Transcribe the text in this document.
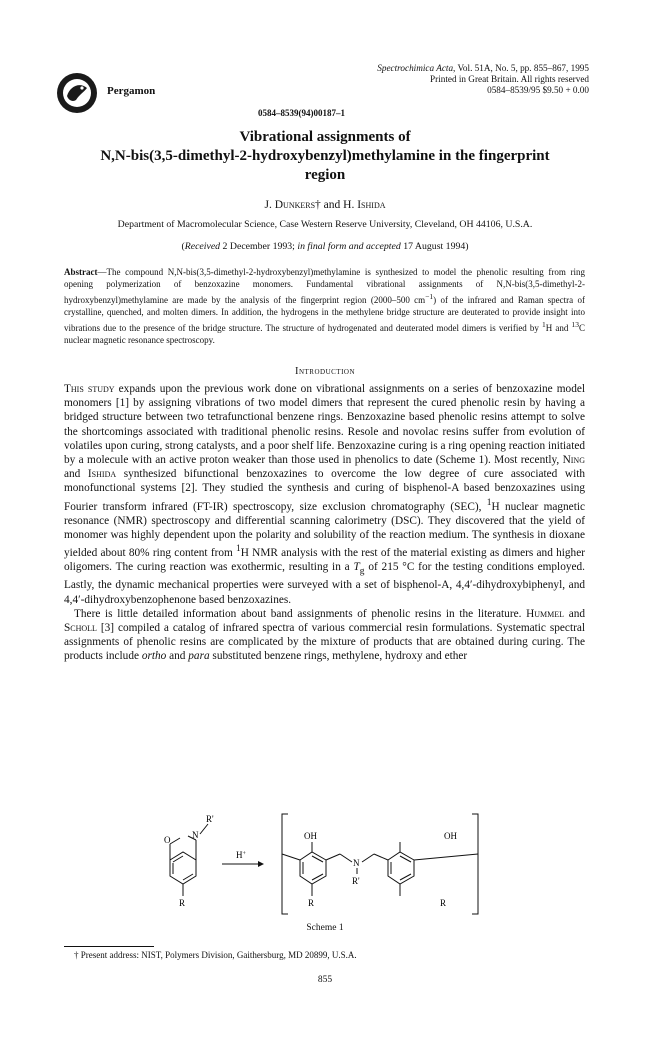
Pergamon
Spectrochimica Acta, Vol. 51A, No. 5, pp. 855–867, 1995
Printed in Great Britain. All rights reserved
0584–8539/95 $9.50 + 0.00
0584–8539(94)00187–1
Vibrational assignments of
N,N-bis(3,5-dimethyl-2-hydroxybenzyl)methylamine in the fingerprint
region
J. Dunkers† and H. Ishida
Department of Macromolecular Science, Case Western Reserve University, Cleveland, OH 44106, U.S.A.
(Received 2 December 1993; in final form and accepted 17 August 1994)
Abstract—The compound N,N-bis(3,5-dimethyl-2-hydroxybenzyl)methylamine is synthesized to model the phenolic resulting from ring opening polymerization of benzoxazine monomers. Fundamental vibrational assignments of N,N-bis(3,5-dimethyl-2-hydroxybenzyl)methylamine are made by the analysis of the fingerprint region (2000–500 $cm^{-1}$) of the infrared and Raman spectra of crystalline, quenched, and molten dimers. In addition, the hydrogens in the methylene bridge structure are deuterated to provide insight into vibrations due to the presence of the bridge structure. The structure of hydrogenated and deuterated model dimers is verified by $^1$H and $^{13}$C nuclear magnetic resonance spectroscopy.
Introduction

This study expands upon the previous work done on vibrational assignments on a series of benzoxazine model monomers [1] by assigning vibrations of two model dimers that represent the cured phenolic resin by having a bridged structure between two tetrafunctional benzene rings. Benzoxazine based phenolic resins attempt to solve the shortcomings associated with traditional phenolic resins. Resole and novolac resins suffer from evolution of volatiles upon curing, strong catalysts, and a poor shelf life. Benzoxazine curing is a ring opening reaction initiated by a molecule with an active proton weaker than those used in phenolics to date (Scheme 1). Most recently, Ning and Ishida synthesized bifunctional benzoxazines to overcome the low degree of cure associated with monofunctional systems [2]. They studied the synthesis and curing of bisphenol-A based benzoxazines using Fourier transform infrared (FT-IR) spectroscopy, size exclusion chromatography (SEC), $^1$H nuclear magnetic resonance (NMR) spectroscopy and differential scanning calorimetry (DSC). They discovered that the yield of monomer was highly dependent upon the polarity and solubility of the reaction medium. The synthesis in dioxane yielded about 80% ring content from $^1$H NMR analysis with the rest of the material existing as dimers and higher oligomers. The curing reaction was exothermic, resulting in a $T_g$ of 215 °C for the testing conditions employed. Lastly, the dynamic mechanical properties were surveyed with a set of bisphenol-A, 4,4′-dihydroxybiphenyl, and 4,4′-dihydroxybenzophenone based benzoxazines.

There is little detailed information about band assignments of phenolic resins in the literature. Hummel and Scholl [3] compiled a catalog of infrared spectra of various commercial resin formulations. Systematic spectral assignments of phenolic resins are complicated by the mixture of products that are obtained during curing. The products include ortho and para substituted benzene rings, methylene, hydroxy and ether

O N
R'
R
H+
OH	OH
N
R'
R	R
Scheme 1
† Present address: NIST, Polymers Division, Gaithersburg, MD 20899, U.S.A.
855
